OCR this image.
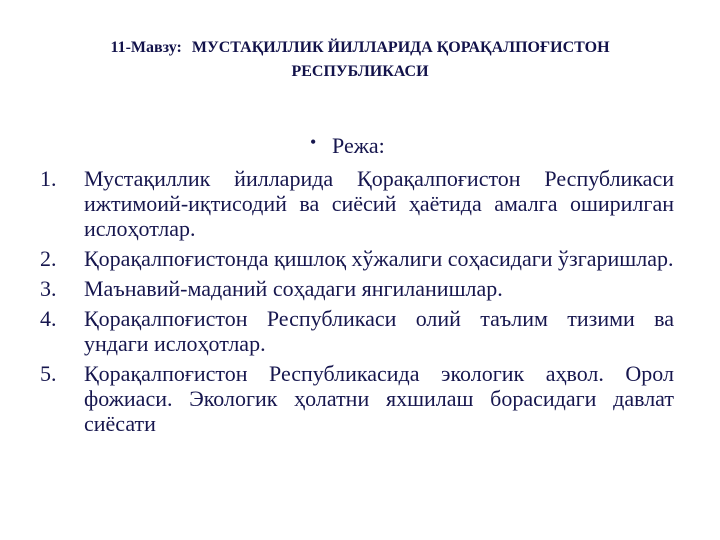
11-Мавзу: МУСТАҚИЛЛИК ЙИЛЛАРИДА ҚОРАҚАЛПОҒИСТОН РЕСПУБЛИКАСИ
• Режа:
1.	Мустақиллик йилларида Қорақалпоғистон Республикаси ижтимоий-иқтисодий ва сиёсий ҳаётида амалга оширилган ислоҳотлар.
2.	Қорақалпоғистонда қишлоқ хўжалиги соҳасидаги ўзгаришлар.
3.	Маънавий-маданий соҳадаги янгиланишлар.
4.	Қорақалпоғистон Республикаси олий таълим тизими ва ундаги ислоҳотлар.
5.	Қорақалпоғистон Республикасида экологик аҳвол. Орол фожиаси. Экологик ҳолатни яхшилаш борасидаги давлат сиёсати
